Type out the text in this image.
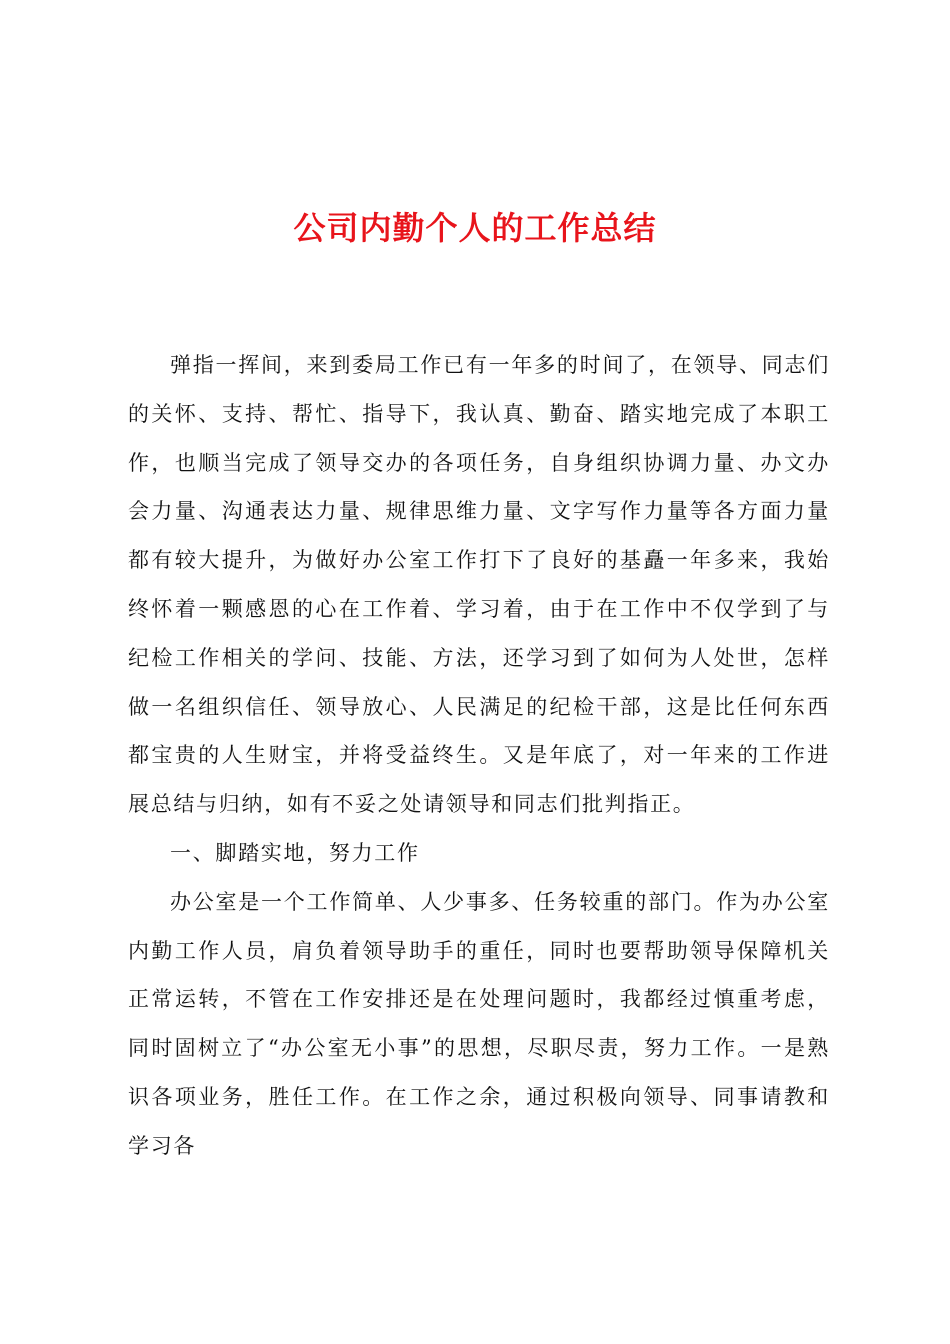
公司内勤个人的工作总结

弹指一挥间，来到委局工作已有一年多的时间了，在领导、同志们的关怀、支持、帮忙、指导下，我认真、勤奋、踏实地完成了本职工作，也顺当完成了领导交办的各项任务，自身组织协调力量、办文办会力量、沟通表达力量、规律思维力量、文字写作力量等各方面力量都有较大提升，为做好办公室工作打下了良好的基矗一年多来，我始终怀着一颗感恩的心在工作着、学习着，由于在工作中不仅学到了与纪检工作相关的学问、技能、方法，还学习到了如何为人处世，怎样做一名组织信任、领导放心、人民满足的纪检干部，这是比任何东西都宝贵的人生财宝，并将受益终生。又是年底了，对一年来的工作进展总结与归纳，如有不妥之处请领导和同志们批判指正。

一、脚踏实地，努力工作

办公室是一个工作简单、人少事多、任务较重的部门。作为办公室内勤工作人员，肩负着领导助手的重任，同时也要帮助领导保障机关正常运转，不管在工作安排还是在处理问题时，我都经过慎重考虑，同时固树立了“办公室无小事”的思想，尽职尽责，努力工作。一是熟识各项业务，胜任工作。在工作之余，通过积极向领导、同事请教和学习各
